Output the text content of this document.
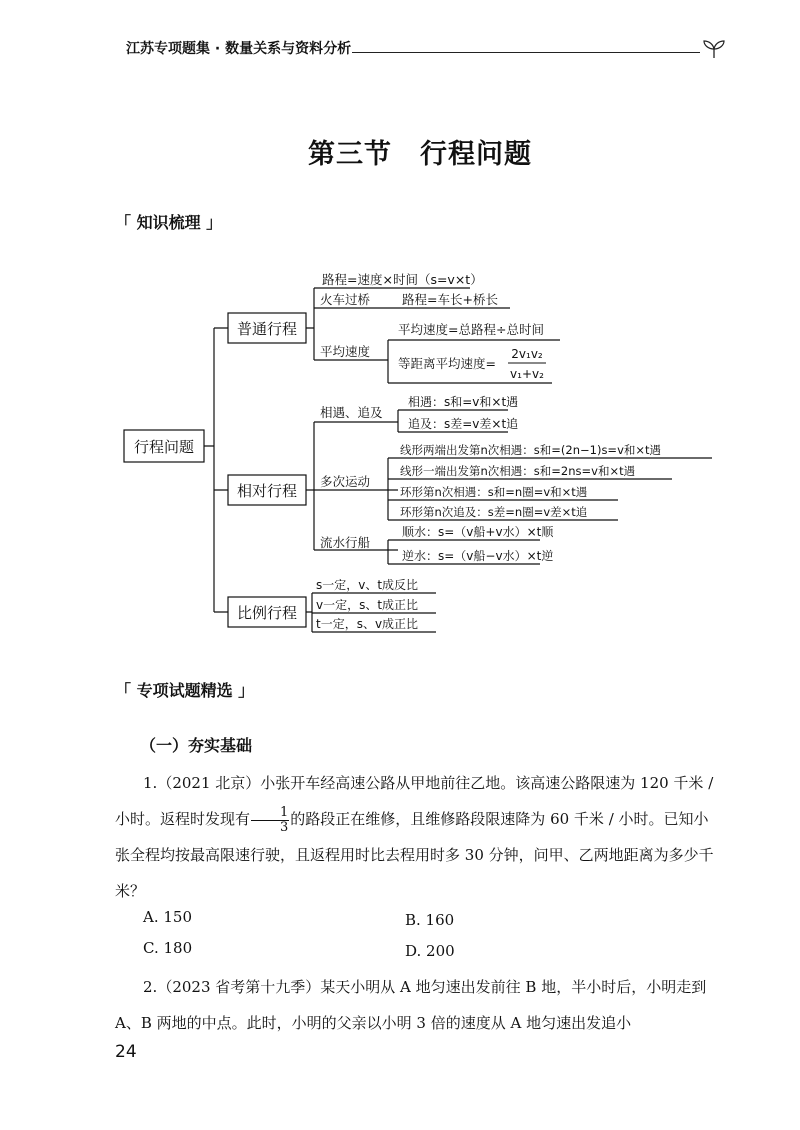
江苏专项题集 · 数量关系与资料分析
第三节　行程问题
「 知识梳理 」
行程问题
普通行程
路程=速度×时间（s=v×t）
火车过桥	路程=车长+桥长
平均速度
平均速度=总路程÷总时间
等距离平均速度=
2v₁v₂
v₁+v₂
相对行程
相遇、追及
相遇：s和=v和×t遇
追及：s差=v差×t追
多次运动
线形两端出发第n次相遇：s和=(2n−1)s=v和×t遇
线形一端出发第n次相遇：s和=2ns=v和×t遇
环形第n次相遇：s和=n圈=v和×t遇
环形第n次追及：s差=n圈=v差×t追
流水行船
顺水：s=（v船+v水）×t顺
逆水：s=（v船−v水）×t逆
比例行程
s一定，v、t成反比
v一定，s、t成正比
t一定，s、v成正比
「 专项试题精选 」
（一）夯实基础
1.（2021 北京）小张开车经高速公路从甲地前往乙地。该高速公路限速为 120 千米 / 小时。返程时发现有 $\frac{1}{3}$ 的路段正在维修，且维修路段限速降为 60 千米 / 小时。已知小张全程均按最高限速行驶，且返程用时比去程用时多 30 分钟，问甲、乙两地距离为多少千米？
A. 150	B. 160
C. 180	D. 200
2.（2023 省考第十九季）某天小明从 A 地匀速出发前往 B 地，半小时后，小明走到 A、B 两地的中点。此时，小明的父亲以小明 3 倍的速度从 A 地匀速出发追小
24
